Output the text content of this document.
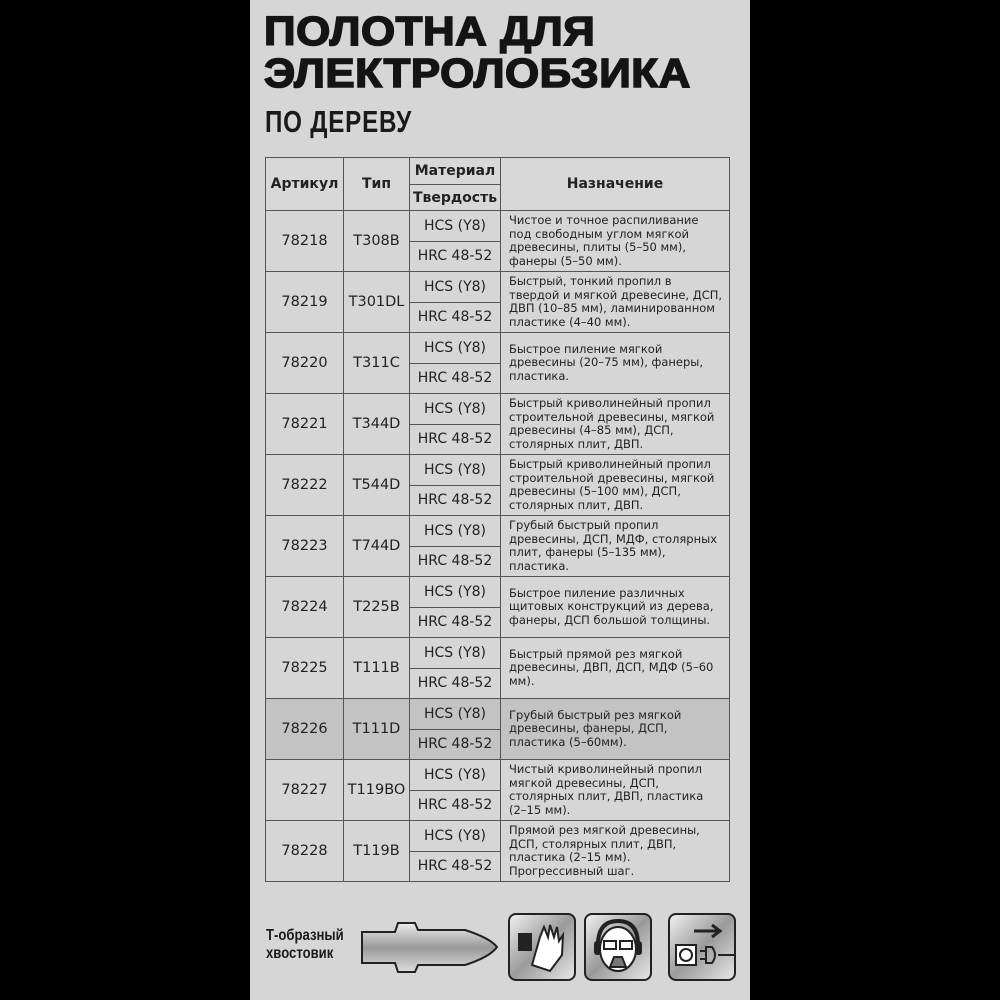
ПОЛОТНА ДЛЯ
ЭЛЕКТРОЛОБЗИКА
ПО ДЕРЕВУ
Артикул	Тип	Материал	Назначение
		Твердость	
78218	T308B	HCS (Y8)	Чистое и точное распиливание под свободным углом мягкой древесины, плиты (5–50 мм), фанеры (5–50 мм).
		HRC 48-52	
78219	T301DL	HCS (Y8)	Быстрый, тонкий пропил в твердой и мягкой древесине, ДСП, ДВП (10–85 мм), ламинированном пластике (4–40 мм).
		HRC 48-52	
78220	T311C	HCS (Y8)	Быстрое пиление мягкой древесины (20–75 мм), фанеры, пластика.
		HRC 48-52	
78221	T344D	HCS (Y8)	Быстрый криволинейный пропил строительной древесины, мягкой древесины (4–85 мм), ДСП, столярных плит, ДВП.
		HRC 48-52	
78222	T544D	HCS (Y8)	Быстрый криволинейный пропил строительной древесины, мягкой древесины (5–100 мм), ДСП, столярных плит, ДВП.
		HRC 48-52	
78223	T744D	HCS (Y8)	Грубый быстрый пропил древесины, ДСП, МДФ, столярных плит, фанеры (5–135 мм), пластика.
		HRC 48-52	
78224	T225B	HCS (Y8)	Быстрое пиление различных щитовых конструкций из дерева, фанеры, ДСП большой толщины.
		HRC 48-52	
78225	T111B	HCS (Y8)	Быстрый прямой рез мягкой древесины, ДВП, ДСП, МДФ (5–60 мм).
		HRC 48-52	
78226	T111D	HCS (Y8)	Грубый быстрый рез мягкой древесины, фанеры, ДСП, пластика (5–60мм).
		HRC 48-52	
78227	T119BO	HCS (Y8)	Чистый криволинейный пропил мягкой древесины, ДСП, столярных плит, ДВП, пластика (2–15 мм).
		HRC 48-52	
78228	T119B	HCS (Y8)	Прямой рез мягкой древесины, ДСП, столярных плит, ДВП, пластика (2–15 мм). Прогрессивный шаг.
		HRC 48-52	
Т-образный
хвостовик
